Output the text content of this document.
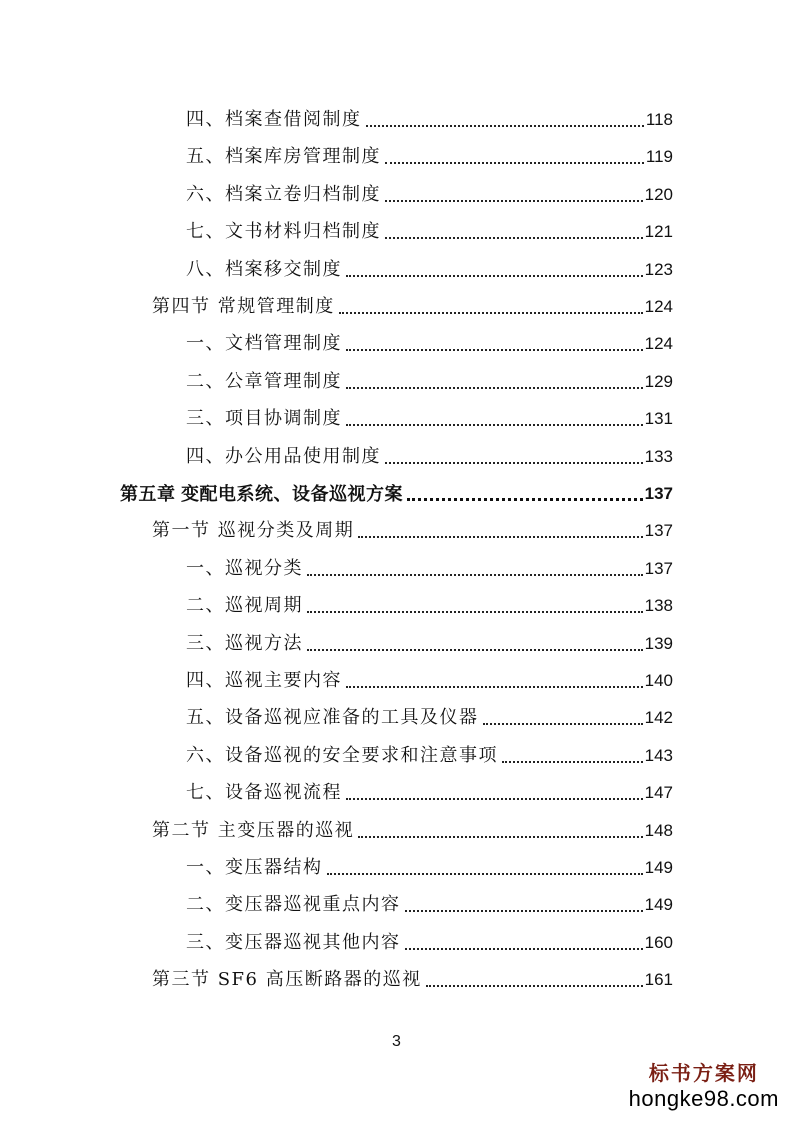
四、档案查借阅制度	118
五、档案库房管理制度	119
六、档案立卷归档制度	120
七、文书材料归档制度	121
八、档案移交制度	123
第四节 常规管理制度	124
一、文档管理制度	124
二、公章管理制度	129
三、项目协调制度	131
四、办公用品使用制度	133
第五章 变配电系统、设备巡视方案	137
第一节 巡视分类及周期	137
一、巡视分类	137
二、巡视周期	138
三、巡视方法	139
四、巡视主要内容	140
五、设备巡视应准备的工具及仪器	142
六、设备巡视的安全要求和注意事项	143
七、设备巡视流程	147
第二节 主变压器的巡视	148
一、变压器结构	149
二、变压器巡视重点内容	149
三、变压器巡视其他内容	160
第三节 SF6 高压断路器的巡视	161
3
标书方案网
hongke98.com
